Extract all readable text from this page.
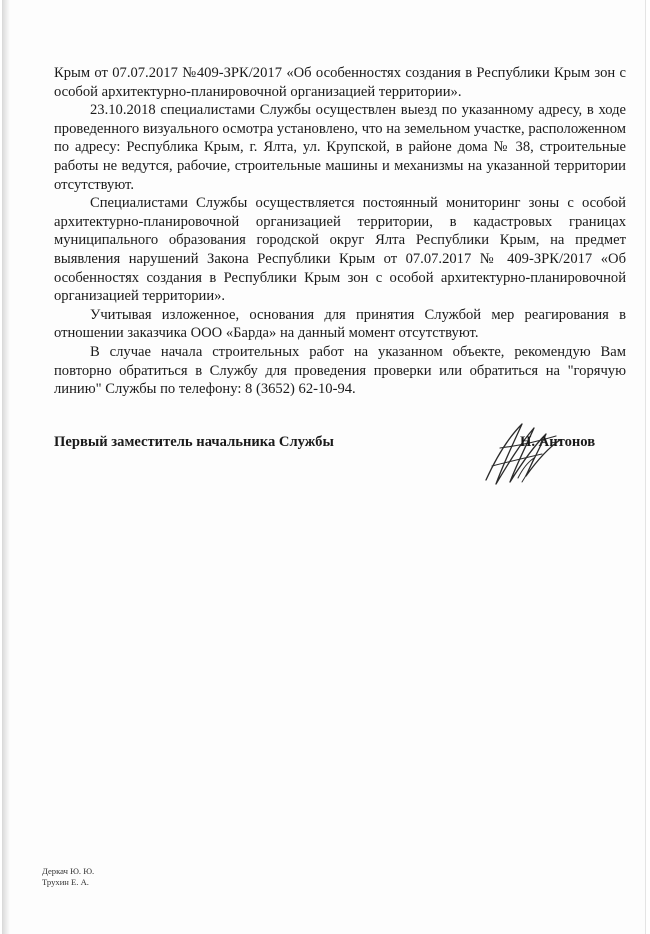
Крым от 07.07.2017 №409-ЗРК/2017 «Об особенностях создания в Республики Крым зон с особой архитектурно-планировочной организацией территории».

23.10.2018 специалистами Службы осуществлен выезд по указанному адресу, в ходе проведенного визуального осмотра установлено, что на земельном участке, расположенном по адресу: Республика Крым, г. Ялта, ул. Крупской, в районе дома № 38, строительные работы не ведутся, рабочие, строительные машины и механизмы на указанной территории отсутствуют.

Специалистами Службы осуществляется постоянный мониторинг зоны с особой архитектурно-планировочной организацией территории, в кадастровых границах муниципального образования городской округ Ялта Республики Крым, на предмет выявления нарушений Закона Республики Крым от 07.07.2017 № 409-ЗРК/2017 «Об особенностях создания в Республики Крым зон с особой архитектурно-планировочной организацией территории».

Учитывая изложенное, основания для принятия Службой мер реагирования в отношении заказчика ООО «Барда» на данный момент отсутствуют.

В случае начала строительных работ на указанном объекте, рекомендую Вам повторно обратиться в Службу для проведения проверки или обратиться на "горячую линию" Службы по телефону: 8 (3652) 62-10-94.

Первый заместитель начальника Службы	Н. Антонов
Деркач Ю. Ю.
Трухин Е. А.
